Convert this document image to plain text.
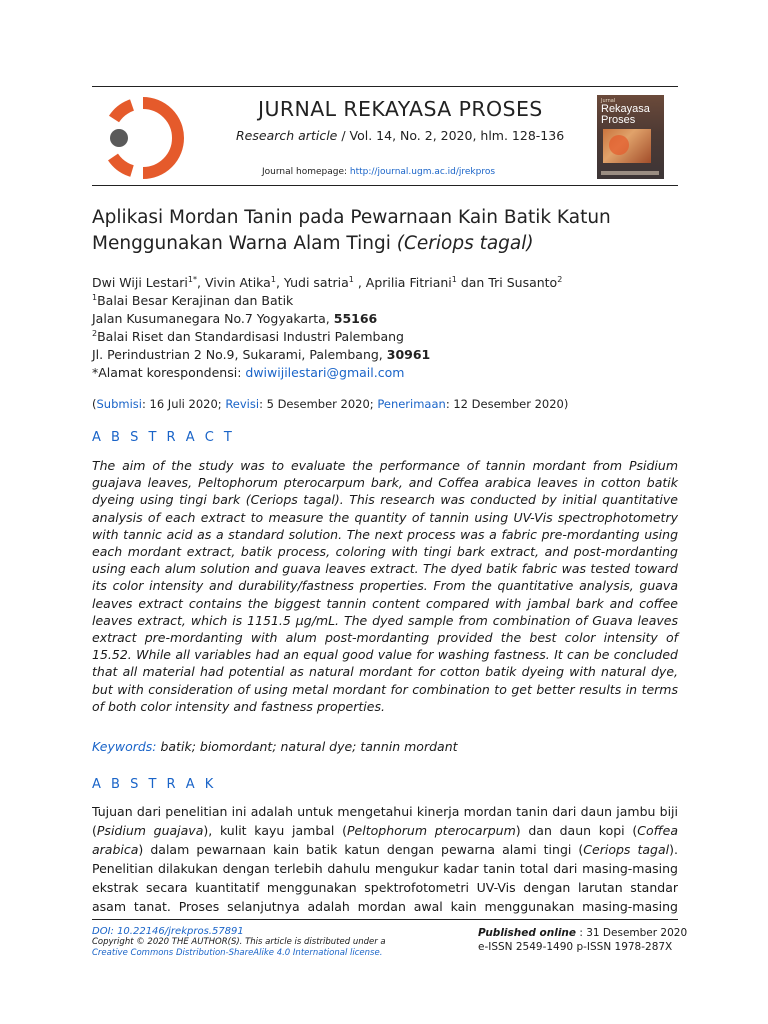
JURNAL REKAYASA PROSES
Research article / Vol. 14, No. 2, 2020, hlm. 128-136
Journal homepage: http://journal.ugm.ac.id/jrekpros
Jurnal
Rekayasa
Proses
Aplikasi Mordan Tanin pada Pewarnaan Kain Batik Katun Menggunakan Warna Alam Tingi (Ceriops tagal)
Dwi Wiji Lestari$^{1*}$, Vivin Atika$^1$, Yudi satria$^1$ , Aprilia Fitriani$^1$ dan Tri Susanto$^2$
$^1$Balai Besar Kerajinan dan Batik
Jalan Kusumanegara No.7 Yogyakarta, 55166
$^2$Balai Riset dan Standardisasi Industri Palembang
Jl. Perindustrian 2 No.9, Sukarami, Palembang, 30961
*Alamat korespondensi: dwiwijilestari@gmail.com
(Submisi: 16 Juli 2020; Revisi: 5 Desember 2020; Penerimaan: 12 Desember 2020)
A B S T R A C T

The aim of the study was to evaluate the performance of tannin mordant from Psidium guajava leaves, Peltophorum pterocarpum bark, and Coffea arabica leaves in cotton batik dyeing using tingi bark (Ceriops tagal). This research was conducted by initial quantitative analysis of each extract to measure the quantity of tannin using UV-Vis spectrophotometry with tannic acid as a standard solution. The next process was a fabric pre-mordanting using each mordant extract, batik process, coloring with tingi bark extract, and post-mordanting using each alum solution and guava leaves extract. The dyed batik fabric was tested toward its color intensity and durability/fastness properties. From the quantitative analysis, guava leaves extract contains the biggest tannin content compared with jambal bark and coffee leaves extract, which is 1151.5 μg/mL. The dyed sample from combination of Guava leaves extract pre-mordanting with alum post-mordanting provided the best color intensity of 15.52. While all variables had an equal good value for washing fastness. It can be concluded that all material had potential as natural mordant for cotton batik dyeing with natural dye, but with consideration of using metal mordant for combination to get better results in terms of both color intensity and fastness properties.

Keywords: batik; biomordant; natural dye; tannin mordant
A B S T R A K

Tujuan dari penelitian ini adalah untuk mengetahui kinerja mordan tanin dari daun jambu biji (Psidium guajava), kulit kayu jambal (Peltophorum pterocarpum) dan daun kopi (Coffea arabica) dalam pewarnaan kain batik katun dengan pewarna alami tingi (Ceriops tagal). Penelitian dilakukan dengan terlebih dahulu mengukur kadar tanin total dari masing-masing ekstrak secara kuantitatif menggunakan spektrofotometri UV-Vis dengan larutan standar asam tanat. Proses selanjutnya adalah mordan awal kain menggunakan masing-masing

DOI: 10.22146/jrekpros.57891
Copyright © 2020 THE AUTHOR(S). This article is distributed under a
Creative Commons Distribution-ShareAlike 4.0 International license.
Published online : 31 Desember 2020
e-ISSN 2549-1490 p-ISSN 1978-287X
